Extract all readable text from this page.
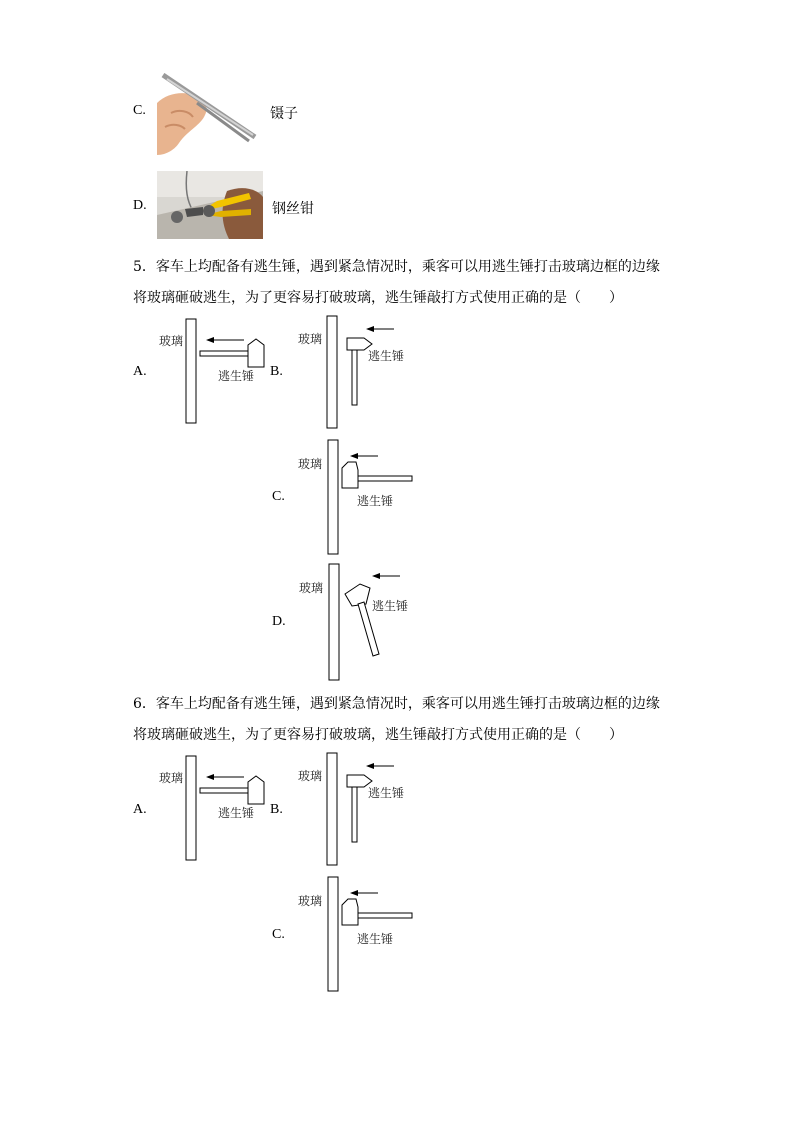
C.	镊子
D.	钢丝钳
5．客车上均配备有逃生锤，遇到紧急情况时，乘客可以用逃生锤打击玻璃边框的边缘
将玻璃砸破逃生，为了更容易打破玻璃，逃生锤敲打方式使用正确的是（　　）
A.
玻璃
逃生锤 B.
玻璃
逃生锤
C.
玻璃
逃生锤
D.
玻璃
逃生锤
6．客车上均配备有逃生锤，遇到紧急情况时，乘客可以用逃生锤打击玻璃边框的边缘
将玻璃砸破逃生，为了更容易打破玻璃，逃生锤敲打方式使用正确的是（　　）
A.
玻璃
逃生锤 B.
玻璃
逃生锤
C.
玻璃
逃生锤
